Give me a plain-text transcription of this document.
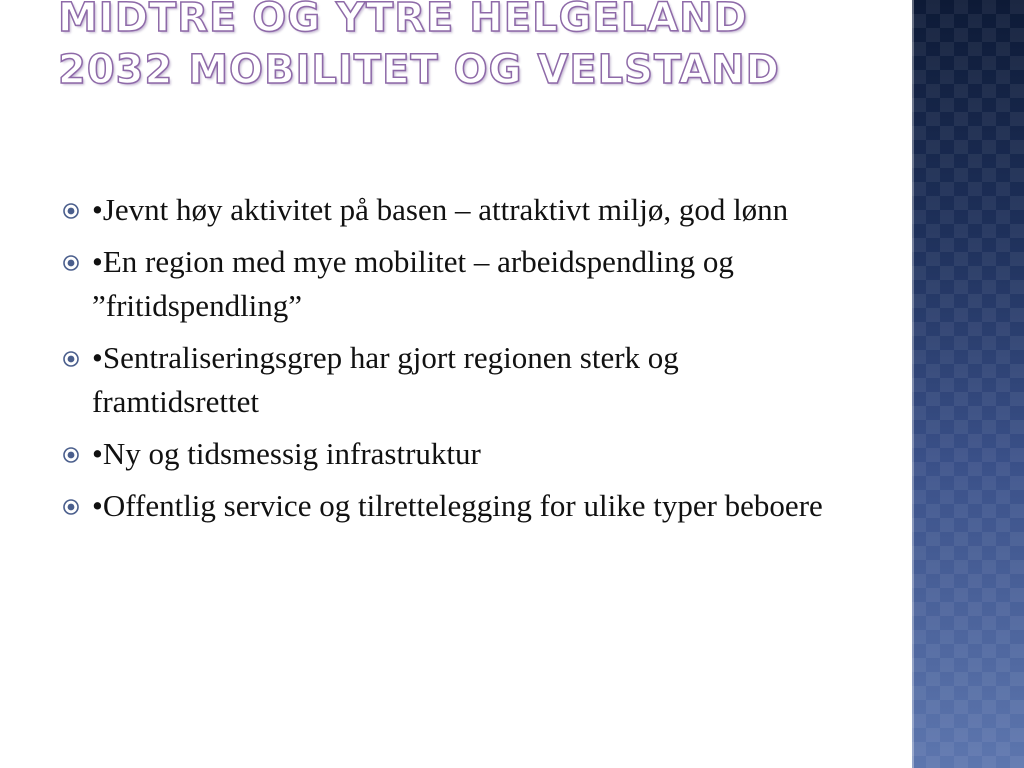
MIDTRE OG YTRE HELGELAND
2032 MOBILITET OG VELSTAND
•Jevnt høy aktivitet på basen – attraktivt miljø, god lønn
•En region med mye mobilitet – arbeidspendling og ”fritidspendling”
•Sentraliseringsgrep har gjort regionen sterk og framtidsrettet
•Ny og tidsmessig infrastruktur
•Offentlig service og tilrettelegging for ulike typer beboere
